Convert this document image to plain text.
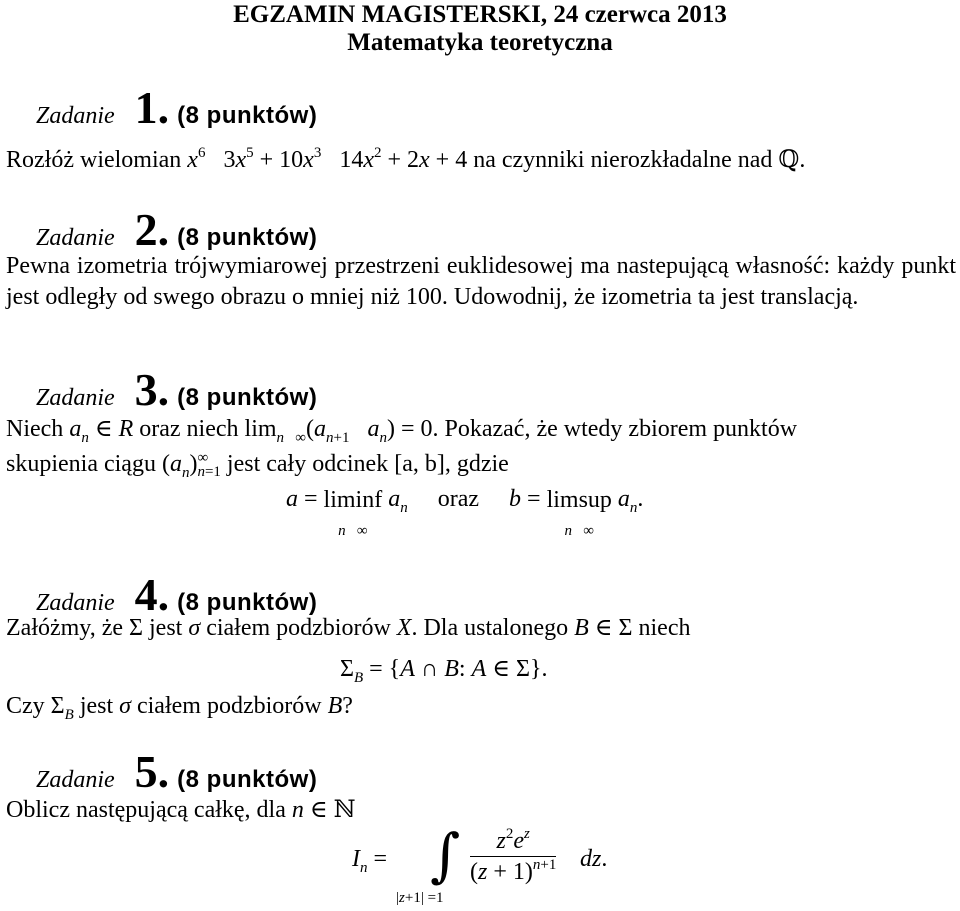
EGZAMIN MAGISTERSKI, 24 czerwca 2013
Matematyka teoretyczna
Zadanie 1. (8 punktów)
Rozłóż wielomian $x^6$   $3x^5 + 10x^3$   $14x^2 + 2x + 4$ na czynniki nierozkładalne nad ℚ.
Zadanie 2. (8 punktów)
Pewna izometria trójwymiarowej przestrzeni euklidesowej ma nastepującą własność: każdy punkt jest odległy od swego obrazu o mniej niż 100. Udowodnij, że izometria ta jest translacją.
Zadanie 3. (8 punktów)
Niech $a_n$ ∈ R oraz niech $\lim_{n \infty}(a_{n+1}$ $a_n) = 0$. Pokazać, że wtedy zbiorem punktów
skupienia ciągu $(a_n)$ ∞
n=1 jest cały odcinek [a, b], gdzie
a = liminf
n   ∞ $a_n$ oraz b = limsup
n   ∞ $a_n$.
Zadanie 4. (8 punktów)
Załóżmy, że Σ jest σ ciałem podzbiorów X. Dla ustalonego B ∈ Σ niech
$\Sigma_B = \{A$ ∩ B: A ∈ Σ}.
Czy $\Sigma_B$ jest σ ciałem podzbiorów B?
Zadanie 5. (8 punktów)
Oblicz następującą całkę, dla n ∈ ℕ
$I_n$ = ∫
|z+1| =1
$\frac{z^2e^z}{(z + 1)^{n+1}}$ dz.
